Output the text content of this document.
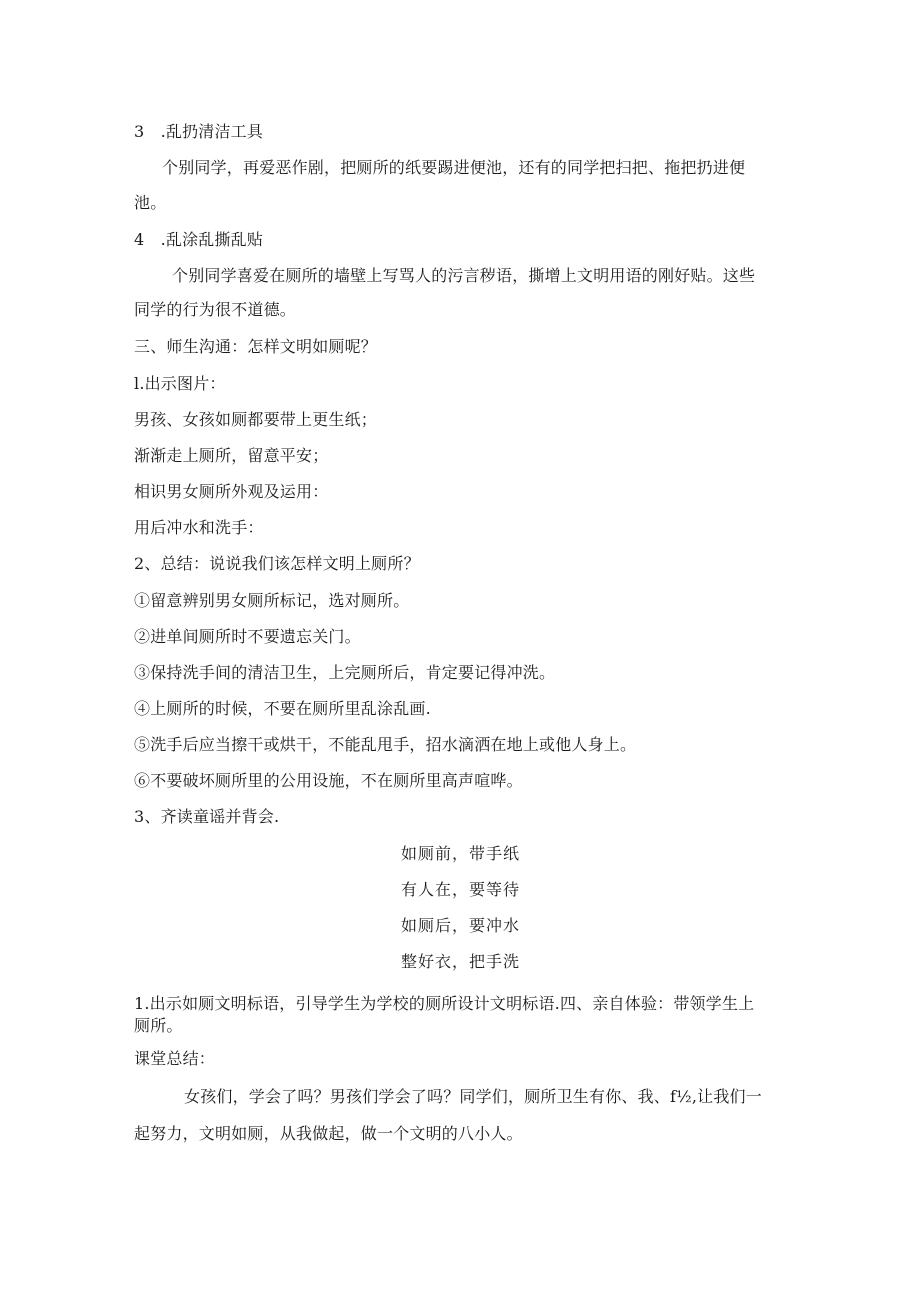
3　.乱扔清洁工具
个别同学，再爱恶作剧，把厕所的纸要踢进便池，还有的同学把扫把、拖把扔进便
池。
4　.乱涂乱撕乱贴
个别同学喜爱在厕所的墙壁上写骂人的污言秽语，撕增上文明用语的刚好贴。这些
同学的行为很不道德。
三、师生沟通：怎样文明如厕呢？
l.出示图片：
男孩、女孩如厕都要带上更生纸；
渐渐走上厕所，留意平安；
相识男女厕所外观及运用：
用后冲水和洗手：
2、总结：说说我们该怎样文明上厕所？
①留意辨别男女厕所标记，选对厕所。
②进单间厕所时不要遗忘关门。
③保持洗手间的清洁卫生，上完厕所后，肯定要记得冲洗。
④上厕所的时候，不要在厕所里乱涂乱画.
⑤洗手后应当擦干或烘干，不能乱甩手，招水滴洒在地上或他人身上。
⑥不要破坏厕所里的公用设施，不在厕所里高声喧哗。
3、齐读童谣并背会.
如厕前，带手纸
有人在，要等待
如厕后，要冲水
整好衣，把手洗
1.出示如厕文明标语，引导学生为学校的厕所设计文明标语.四、亲自体验：带领学生上
厕所。
课堂总结：
女孩们，学会了吗？男孩们学会了吗？同学们，厕所卫生有你、我、f½,让我们一
起努力，文明如厕，从我做起，做一个文明的八小人。
